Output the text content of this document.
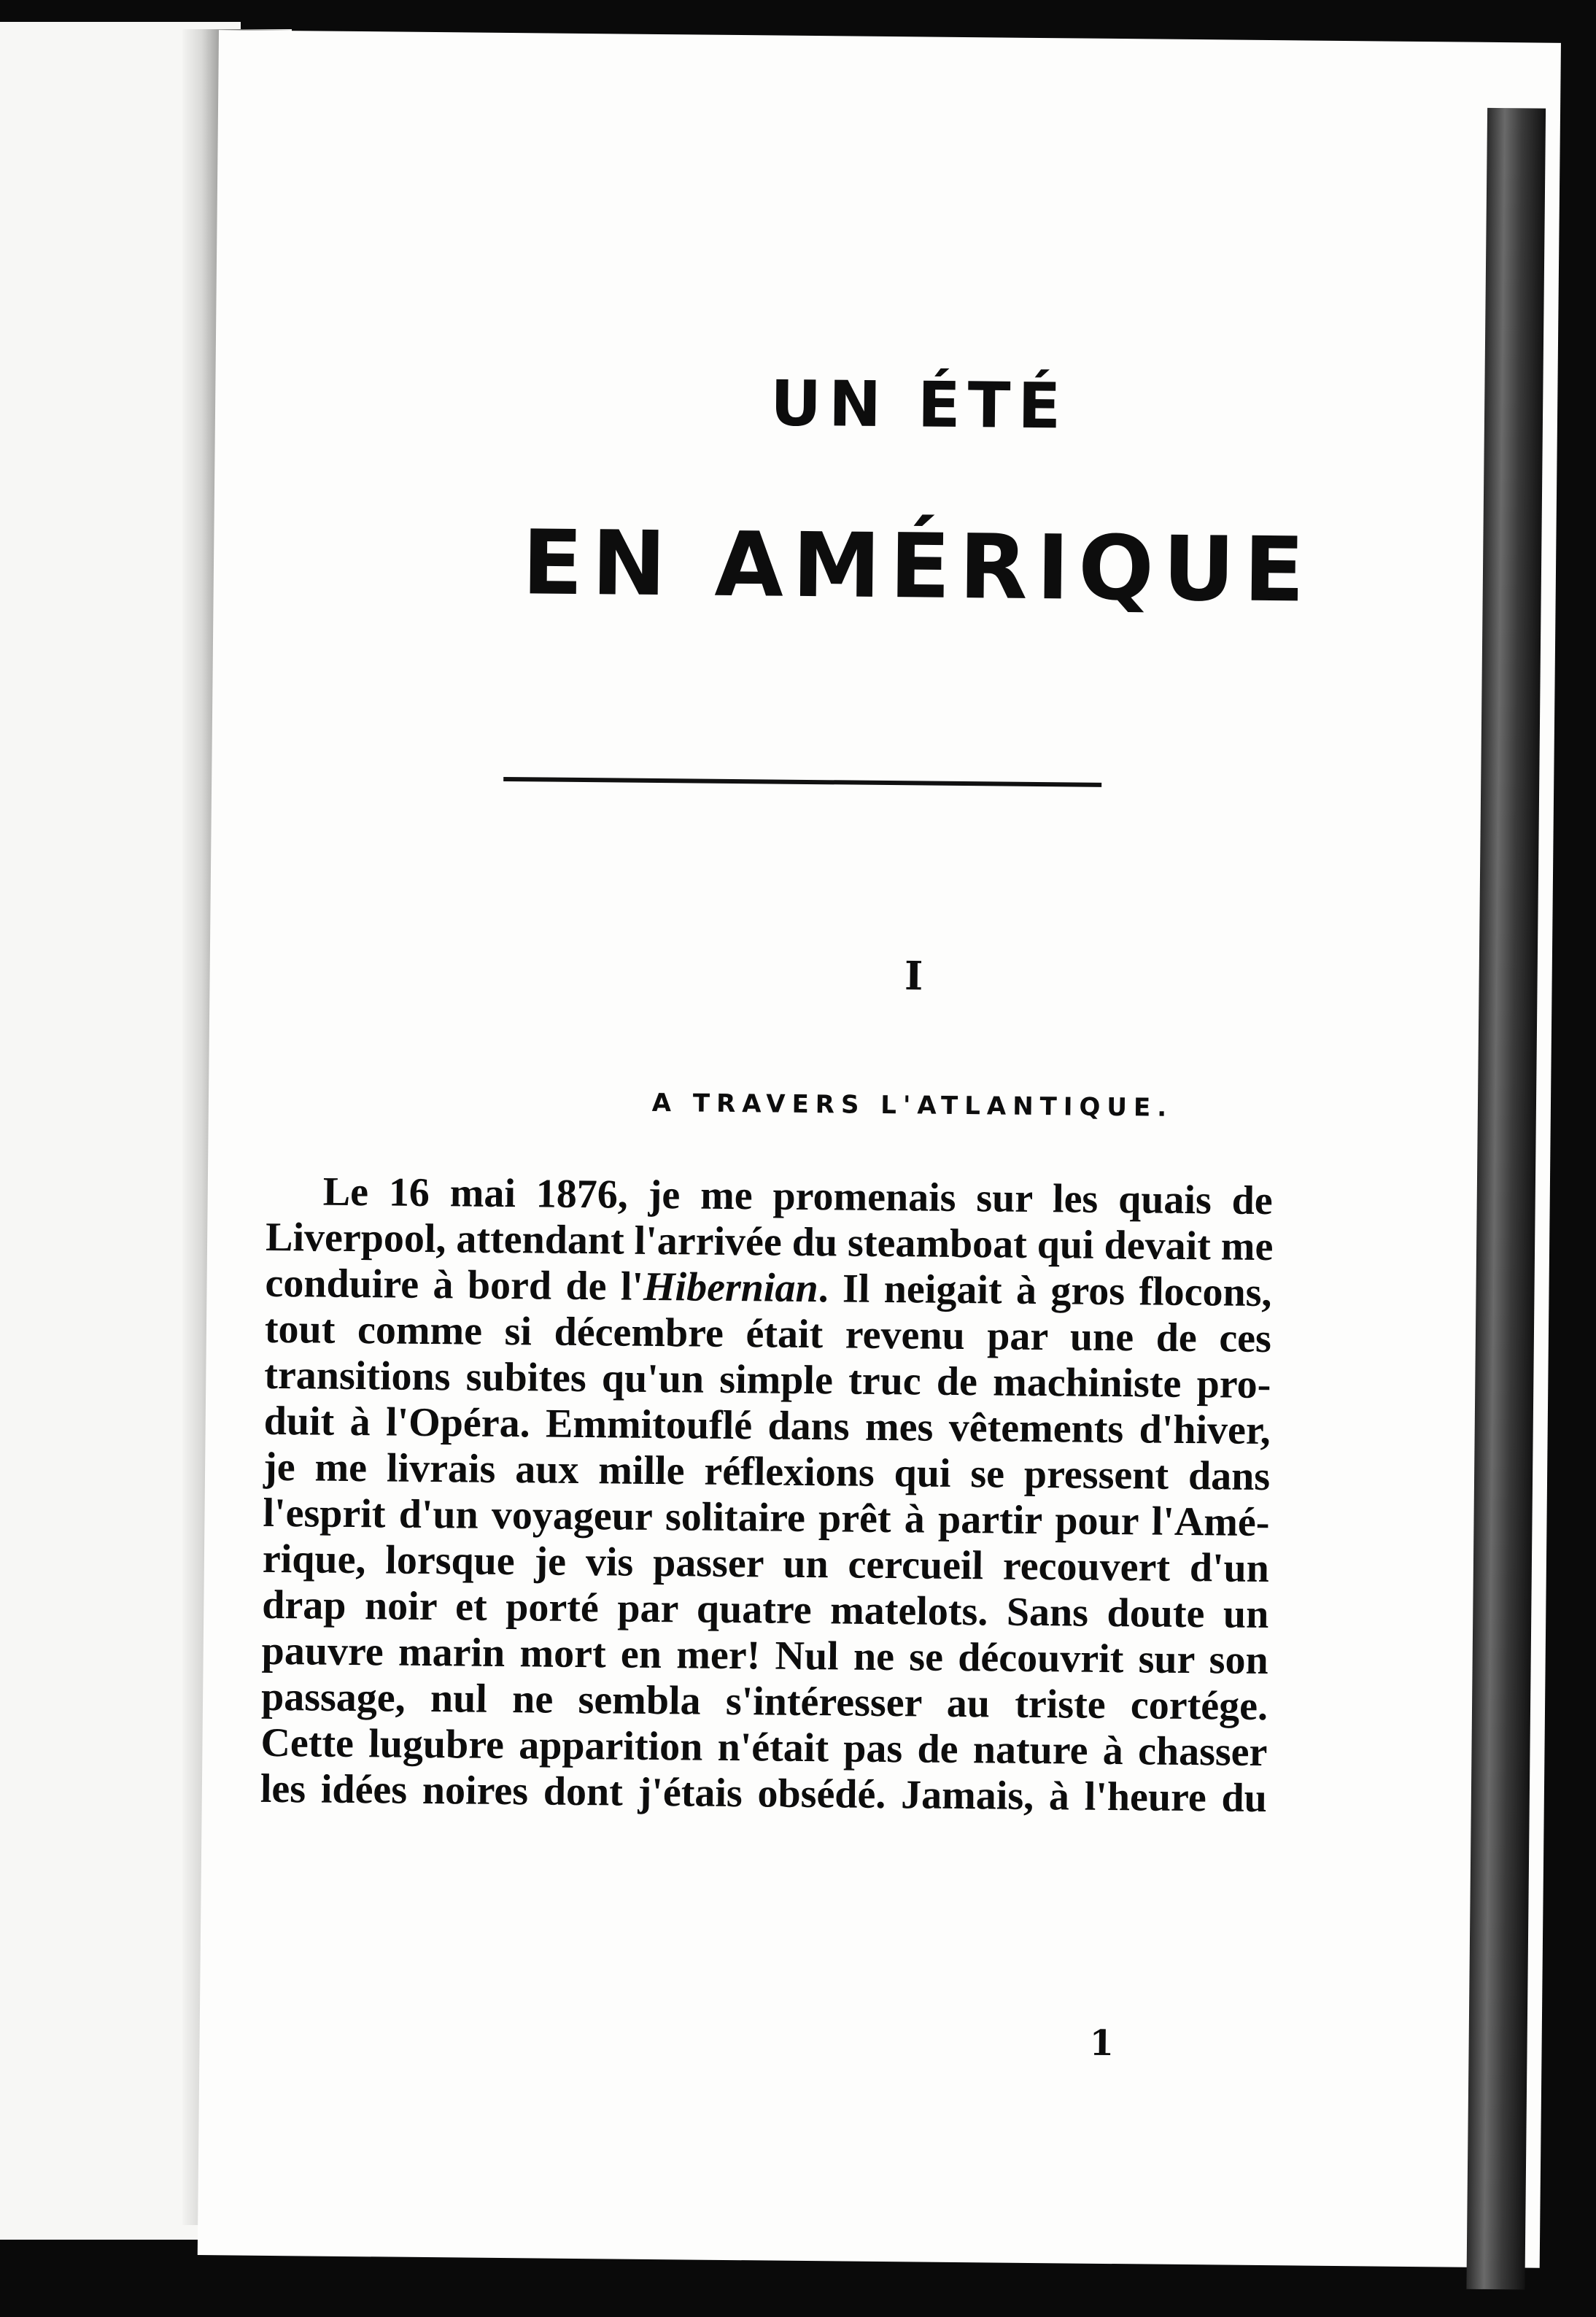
UN ÉTÉ
EN AMÉRIQUE
I
A TRAVERS L'ATLANTIQUE.
Le 16 mai 1876, je me promenais sur les quais de
Liverpool, attendant l'arrivée du steamboat qui devait me
conduire à bord de l'Hibernian. Il neigait à gros flocons,
tout comme si décembre était revenu par une de ces
transitions subites qu'un simple truc de machiniste pro-
duit à l'Opéra. Emmitouflé dans mes vêtements d'hiver,
je me livrais aux mille réflexions qui se pressent dans
l'esprit d'un voyageur solitaire prêt à partir pour l'Amé-
rique, lorsque je vis passer un cercueil recouvert d'un
drap noir et porté par quatre matelots. Sans doute un
pauvre marin mort en mer! Nul ne se découvrit sur son
passage, nul ne sembla s'intéresser au triste cortége.
Cette lugubre apparition n'était pas de nature à chasser
les idées noires dont j'étais obsédé. Jamais, à l'heure du
1
